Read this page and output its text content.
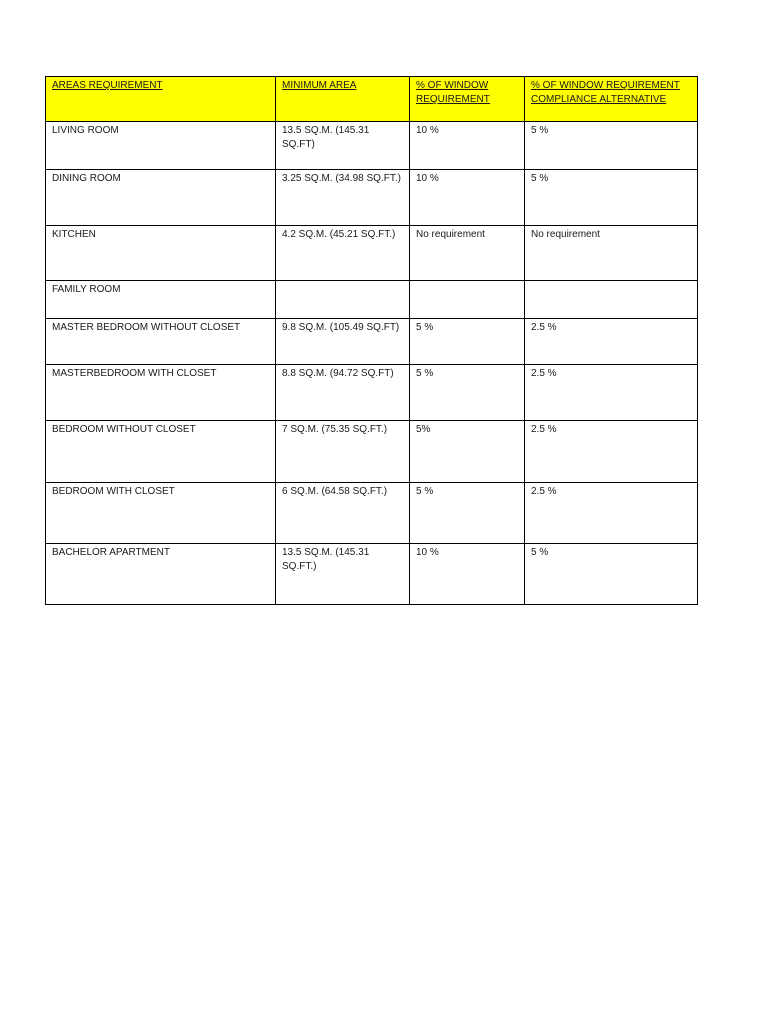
AREAS REQUIREMENT	MINIMUM AREA	% OF WINDOW REQUIREMENT	% OF WINDOW REQUIREMENT COMPLIANCE ALTERNATIVE
LIVING ROOM	13.5 SQ.M. (145.31 SQ.FT)	10 %	5 %
DINING ROOM	3.25 SQ.M. (34.98 SQ.FT.)	10 %	5 %
KITCHEN	4.2 SQ.M. (45.21 SQ.FT.)	No requirement	No requirement
FAMILY ROOM			
MASTER BEDROOM WITHOUT CLOSET	9.8 SQ.M. (105.49 SQ.FT)	5 %	2.5 %
MASTERBEDROOM WITH CLOSET	8.8 SQ.M. (94.72 SQ.FT)	5 %	2.5 %
BEDROOM WITHOUT CLOSET	7 SQ.M. (75.35 SQ.FT.)	5%	2.5 %
BEDROOM WITH CLOSET	6 SQ.M. (64.58 SQ.FT.)	5 %	2.5 %
BACHELOR APARTMENT	13.5 SQ.M. (145.31 SQ.FT.)	10 %	5 %
